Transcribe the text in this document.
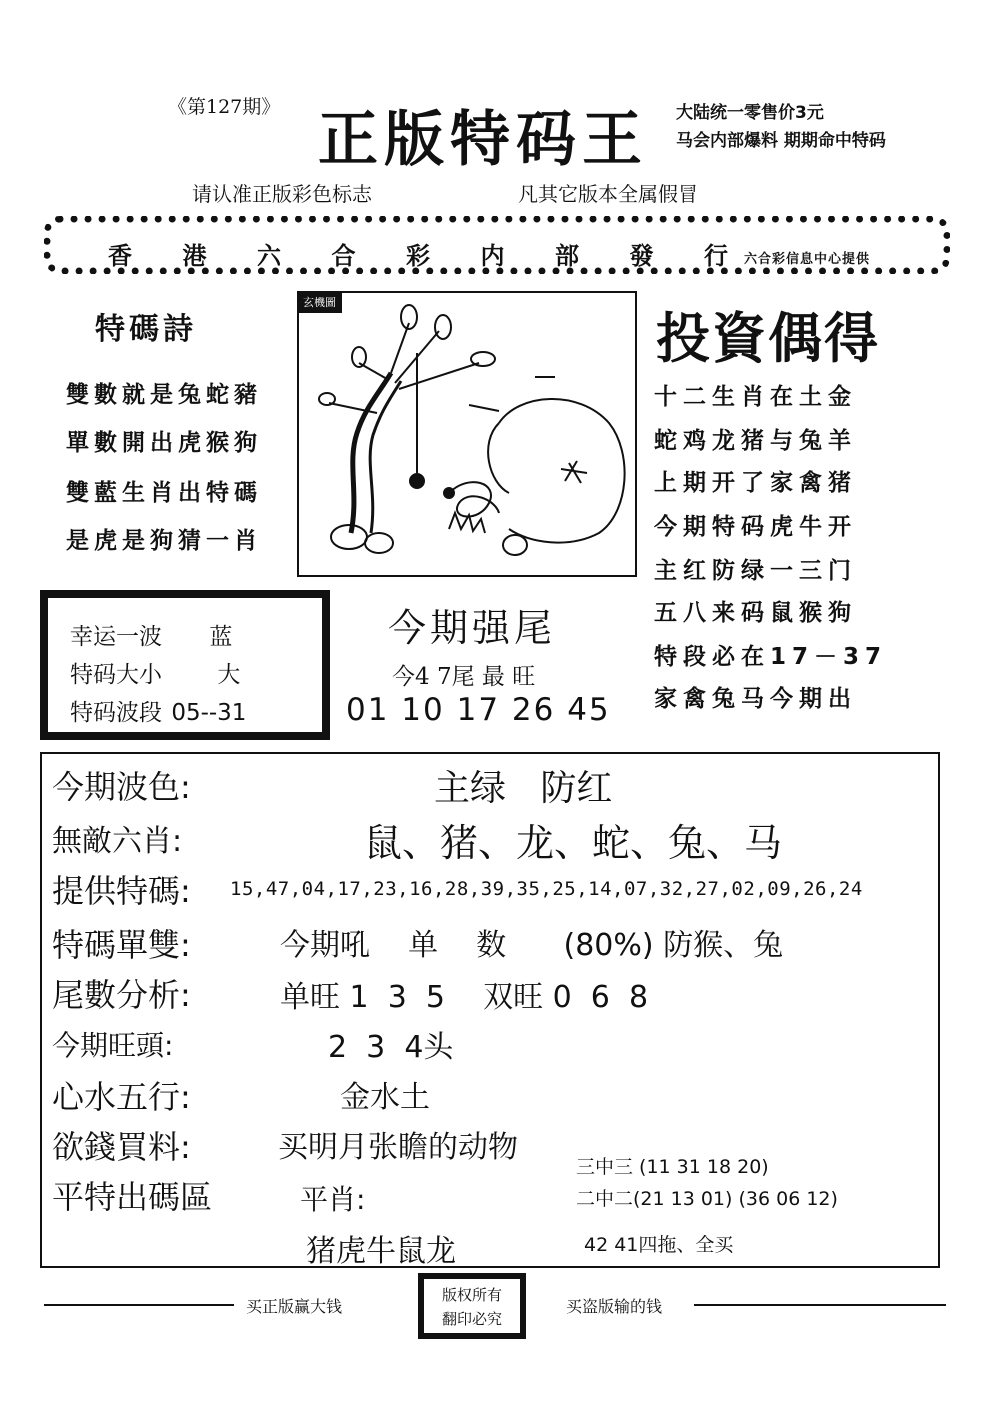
《第127期》 正版特码王 大陆统一零售价3元
马会内部爆料 期期命中特码
请认准正版彩色标志	凡其它版本全属假冒
香 港 六 合 彩 内 部 發 行 六合彩信息中心提供
特碼詩
雙數就是兔蛇豬
單數開出虎猴狗
雙藍生肖出特碼
是虎是狗猜一肖
玄機圖
投資偶得
十二生肖在土金
蛇鸡龙猪与兔羊
上期开了家禽猪
今期特码虎牛开
主红防绿一三门
五八来码鼠猴狗
特段必在17－37
家禽兔马今期出
幸运一波 蓝
特码大小 大
特码波段 05--31
今期强尾
今4 7尾 最 旺
01 10 17 26 45
今期波色:	主绿   防红
無敵六肖:	鼠、猪、龙、蛇、兔、马
提供特碼: 15,47,04,17,23,16,28,39,35,25,14,07,32,27,02,09,26,24
特碼單雙:	今期吼    单    数      (80%) 防猴、兔
尾數分析:	单旺 1  3  5    双旺 0  6  8
今期旺頭:	2  3  4头
心水五行:	金水土
欲錢買料:	买明月张瞻的动物
平特出碼區	平肖:
猪虎牛鼠龙
三中三 (11 31 18 20)
二中二(21 13 01) (36 06 12)
42 41四拖、全买
买正版赢大钱
版权所有
翻印必究
买盗版输的钱
